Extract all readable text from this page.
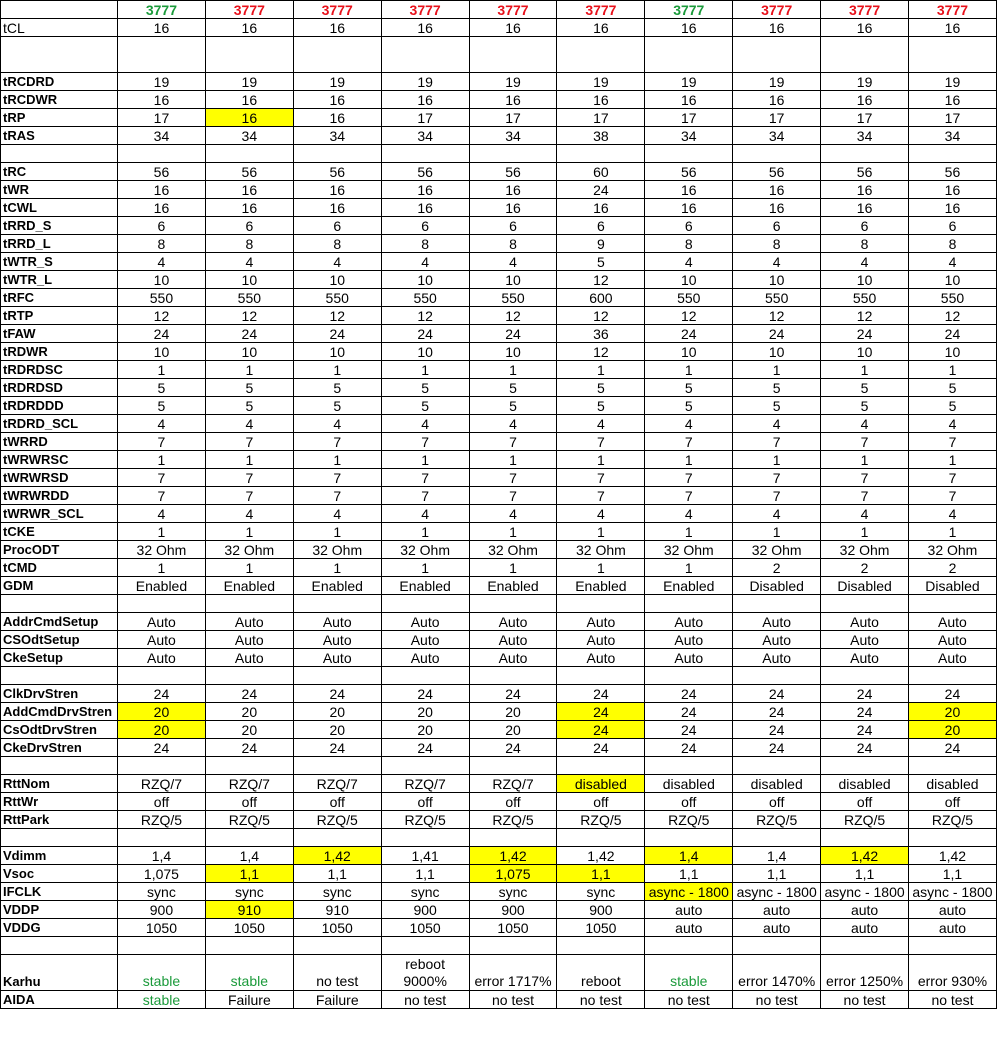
	3777	3777	3777	3777	3777	3777	3777	3777	3777	3777
tCL	16	16	16	16	16	16	16	16	16	16

tRCDRD	19	19	19	19	19	19	19	19	19	19
tRCDWR	16	16	16	16	16	16	16	16	16	16
tRP	17	16	16	17	17	17	17	17	17	17
tRAS	34	34	34	34	34	38	34	34	34	34

tRC	56	56	56	56	56	60	56	56	56	56
tWR	16	16	16	16	16	24	16	16	16	16
tCWL	16	16	16	16	16	16	16	16	16	16
tRRD_S	6	6	6	6	6	6	6	6	6	6
tRRD_L	8	8	8	8	8	9	8	8	8	8
tWTR_S	4	4	4	4	4	5	4	4	4	4
tWTR_L	10	10	10	10	10	12	10	10	10	10
tRFC	550	550	550	550	550	600	550	550	550	550
tRTP	12	12	12	12	12	12	12	12	12	12
tFAW	24	24	24	24	24	36	24	24	24	24
tRDWR	10	10	10	10	10	12	10	10	10	10
tRDRDSC	1	1	1	1	1	1	1	1	1	1
tRDRDSD	5	5	5	5	5	5	5	5	5	5
tRDRDDD	5	5	5	5	5	5	5	5	5	5
tRDRD_SCL	4	4	4	4	4	4	4	4	4	4
tWRRD	7	7	7	7	7	7	7	7	7	7
tWRWRSC	1	1	1	1	1	1	1	1	1	1
tWRWRSD	7	7	7	7	7	7	7	7	7	7
tWRWRDD	7	7	7	7	7	7	7	7	7	7
tWRWR_SCL	4	4	4	4	4	4	4	4	4	4
tCKE	1	1	1	1	1	1	1	1	1	1
ProcODT	32 Ohm	32 Ohm	32 Ohm	32 Ohm	32 Ohm	32 Ohm	32 Ohm	32 Ohm	32 Ohm	32 Ohm
tCMD	1	1	1	1	1	1	1	2	2	2
GDM	Enabled	Enabled	Enabled	Enabled	Enabled	Enabled	Enabled	Disabled	Disabled	Disabled

AddrCmdSetup	Auto	Auto	Auto	Auto	Auto	Auto	Auto	Auto	Auto	Auto
CSOdtSetup	Auto	Auto	Auto	Auto	Auto	Auto	Auto	Auto	Auto	Auto
CkeSetup	Auto	Auto	Auto	Auto	Auto	Auto	Auto	Auto	Auto	Auto

ClkDrvStren	24	24	24	24	24	24	24	24	24	24
AddCmdDrvStren	20	20	20	20	20	24	24	24	24	20
CsOdtDrvStren	20	20	20	20	20	24	24	24	24	20
CkeDrvStren	24	24	24	24	24	24	24	24	24	24

RttNom	RZQ/7	RZQ/7	RZQ/7	RZQ/7	RZQ/7	disabled	disabled	disabled	disabled	disabled
RttWr	off	off	off	off	off	off	off	off	off	off
RttPark	RZQ/5	RZQ/5	RZQ/5	RZQ/5	RZQ/5	RZQ/5	RZQ/5	RZQ/5	RZQ/5	RZQ/5

Vdimm	1,4	1,4	1,42	1,41	1,42	1,42	1,4	1,4	1,42	1,42
Vsoc	1,075	1,1	1,1	1,1	1,075	1,1	1,1	1,1	1,1	1,1
IFCLK	sync	sync	sync	sync	sync	sync	async - 1800	async - 1800	async - 1800	async - 1800
VDDP	900	910	910	900	900	900	auto	auto	auto	auto
VDDG	1050	1050	1050	1050	1050	1050	auto	auto	auto	auto

Karhu	stable	stable	no test	reboot 9000%	error 1717%	reboot	stable	error 1470%	error 1250%	error 930%
AIDA	stable	Failure	Failure	no test	no test	no test	no test	no test	no test	no test
